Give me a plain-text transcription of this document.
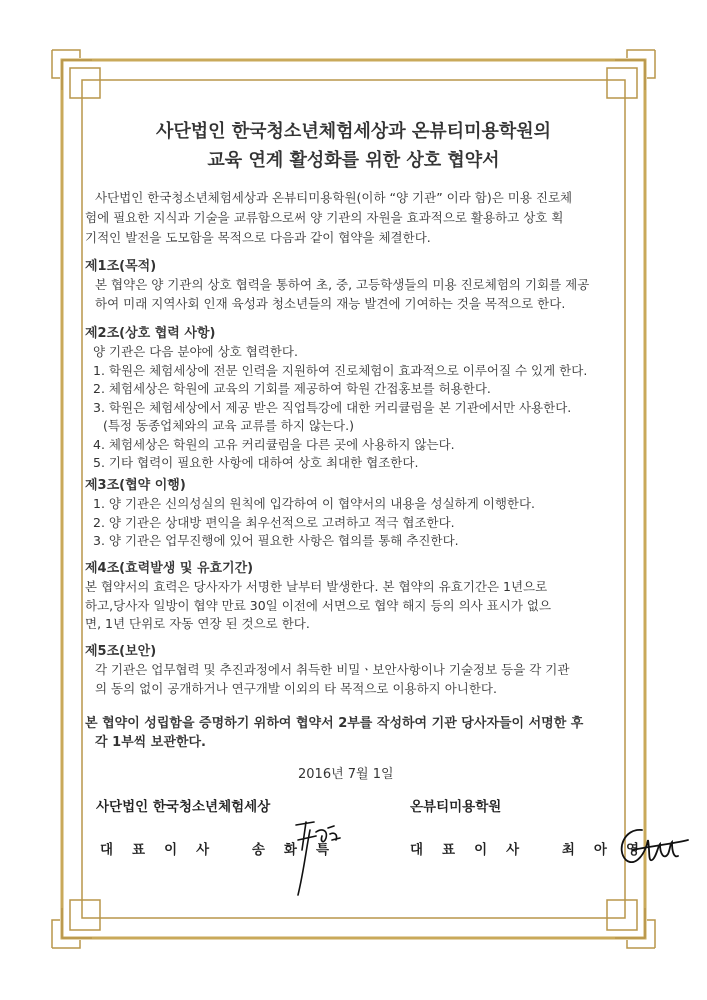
사단법인 한국청소년체험세상과 온뷰티미용학원의
교육 연계 활성화를 위한 상호 협약서
사단법인 한국청소년체험세상과 온뷰티미용학원(이하 “양 기관” 이라 함)은 미용 진로체
험에 필요한 지식과 기술을 교류함으로써 양 기관의 자원을 효과적으로 활용하고 상호 획
기적인 발전을 도모함을 목적으로 다음과 같이 협약을 체결한다.
제1조(목적)
본 협약은 양 기관의 상호 협력을 통하여 초, 중, 고등학생들의 미용 진로체험의 기회를 제공
하여 미래 지역사회 인재 육성과 청소년들의 재능 발견에 기여하는 것을 목적으로 한다.
제2조(상호 협력 사항)
양 기관은 다음 분야에 상호 협력한다.
1. 학원은 체험세상에 전문 인력을 지원하여 진로체험이 효과적으로 이루어질 수 있게 한다.
2. 체험세상은 학원에 교육의 기회를 제공하여 학원 간접홍보를 허용한다.
3. 학원은 체험세상에서 제공 받은 직업특강에 대한 커리큘럼을 본 기관에서만 사용한다.
(특정 동종업체와의 교육 교류를 하지 않는다.)
4. 체험세상은 학원의 고유 커리큘럼을 다른 곳에 사용하지 않는다.
5. 기타 협력이 필요한 사항에 대하여 상호 최대한 협조한다.
제3조(협약 이행)
1. 양 기관은 신의성실의 원칙에 입각하여 이 협약서의 내용을 성실하게 이행한다.
2. 양 기관은 상대방 편익을 최우선적으로 고려하고 적극 협조한다.
3. 양 기관은 업무진행에 있어 필요한 사항은 협의를 통해 추진한다.
제4조(효력발생 및 유효기간)
본 협약서의 효력은 당사자가 서명한 날부터 발생한다. 본 협약의 유효기간은 1년으로
하고,당사자 일방이 협약 만료 30일 이전에 서면으로 협약 해지 등의 의사 표시가 없으
면, 1년 단위로 자동 연장 된 것으로 한다.
제5조(보안)
각 기관은 업무협력 및 추진과정에서 취득한 비밀ㆍ보안사항이나 기술정보 등을 각 기관
의 동의 없이 공개하거나 연구개발 이외의 타 목적으로 이용하지 아니한다.
본 협약이 성립함을 증명하기 위하여 협약서 2부를 작성하여 기관 당사자들이 서명한 후
각 1부씩 보관한다.
2016년 7월 1일
사단법인 한국청소년체험세상	온뷰티미용학원
대표이사 송화특	대표이사 최아영
